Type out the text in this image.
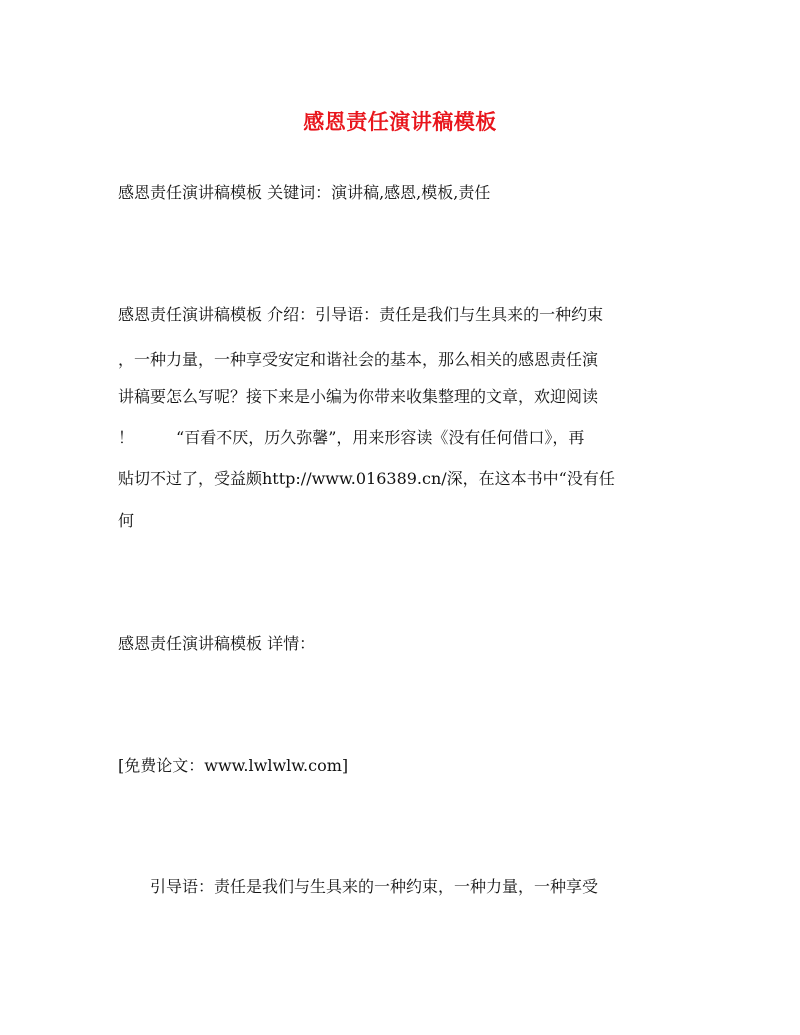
感恩责任演讲稿模板
感恩责任演讲稿模板 关键词：演讲稿,感恩,模板,责任
感恩责任演讲稿模板 介绍：引导语：责任是我们与生具来的一种约束
，一种力量，一种享受安定和谐社会的基本，那么相关的感恩责任演
讲稿要怎么写呢？接下来是小编为你带来收集整理的文章，欢迎阅读
！	“百看不厌，历久弥馨”，用来形容读《没有任何借口》，再
贴切不过了，受益颇http://www.016389.cn/深，在这本书中“没有任
何
感恩责任演讲稿模板 详情：
[免费论文：www.lwlwlw.com]
引导语：责任是我们与生具来的一种约束，一种力量，一种享受
